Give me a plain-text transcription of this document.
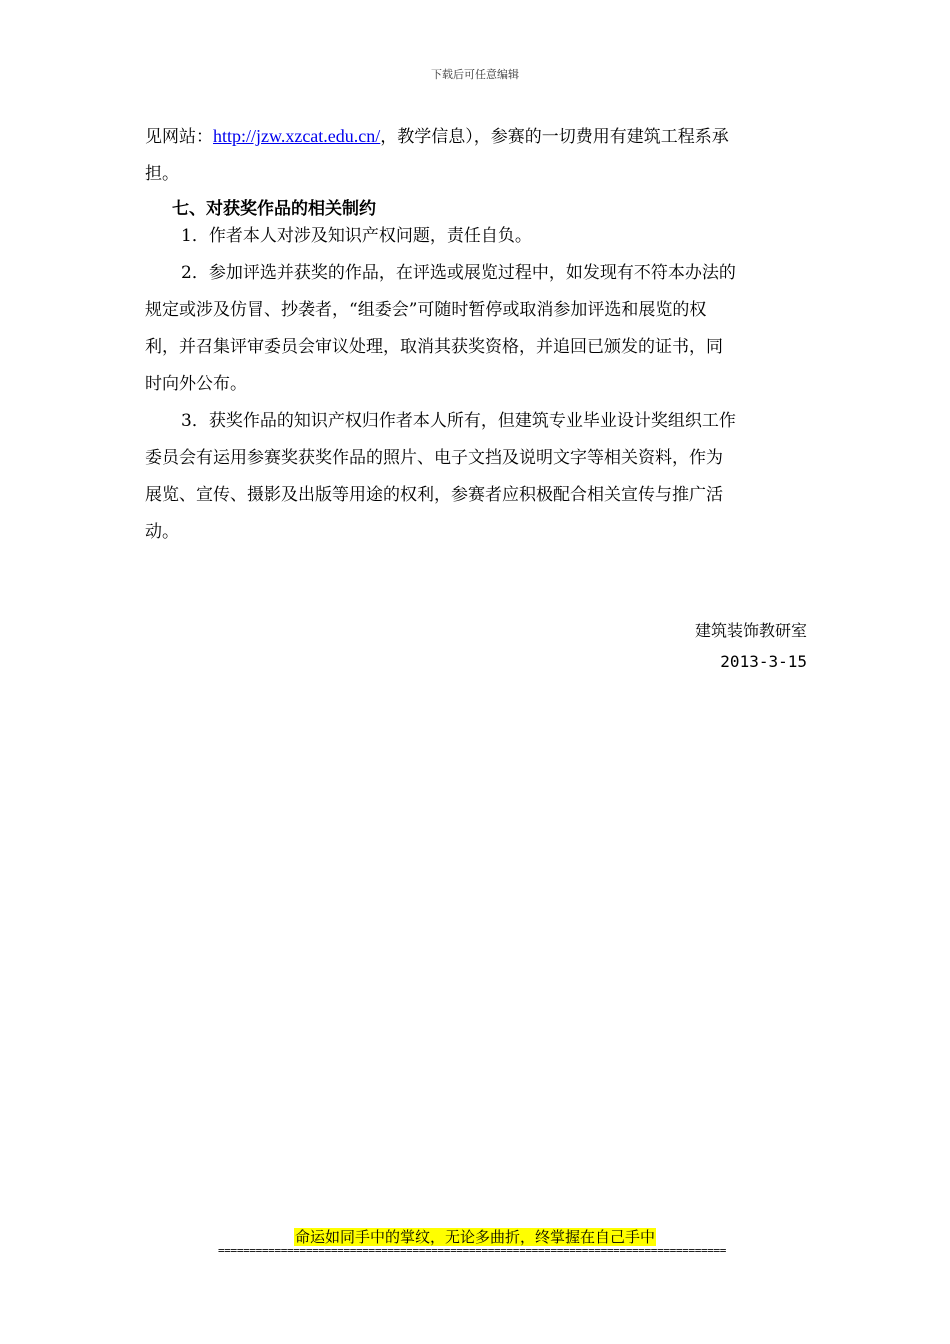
下载后可任意编辑
见网站：http://jzw.xzcat.edu.cn/，教学信息），参赛的一切费用有建筑工程系承
担。
七、对获奖作品的相关制约
1．作者本人对涉及知识产权问题，责任自负。
2．参加评选并获奖的作品，在评选或展览过程中，如发现有不符本办法的
规定或涉及仿冒、抄袭者，“组委会”可随时暂停或取消参加评选和展览的权
利，并召集评审委员会审议处理，取消其获奖资格，并追回已颁发的证书，同
时向外公布。
3．获奖作品的知识产权归作者本人所有，但建筑专业毕业设计奖组织工作
委员会有运用参赛奖获奖作品的照片、电子文挡及说明文字等相关资料，作为
展览、宣传、摄影及出版等用途的权利，参赛者应积极配合相关宣传与推广活
动。
建筑装饰教研室
2013-3-15
命运如同手中的掌纹，无论多曲折，终掌握在自己手中
=================================================================================
